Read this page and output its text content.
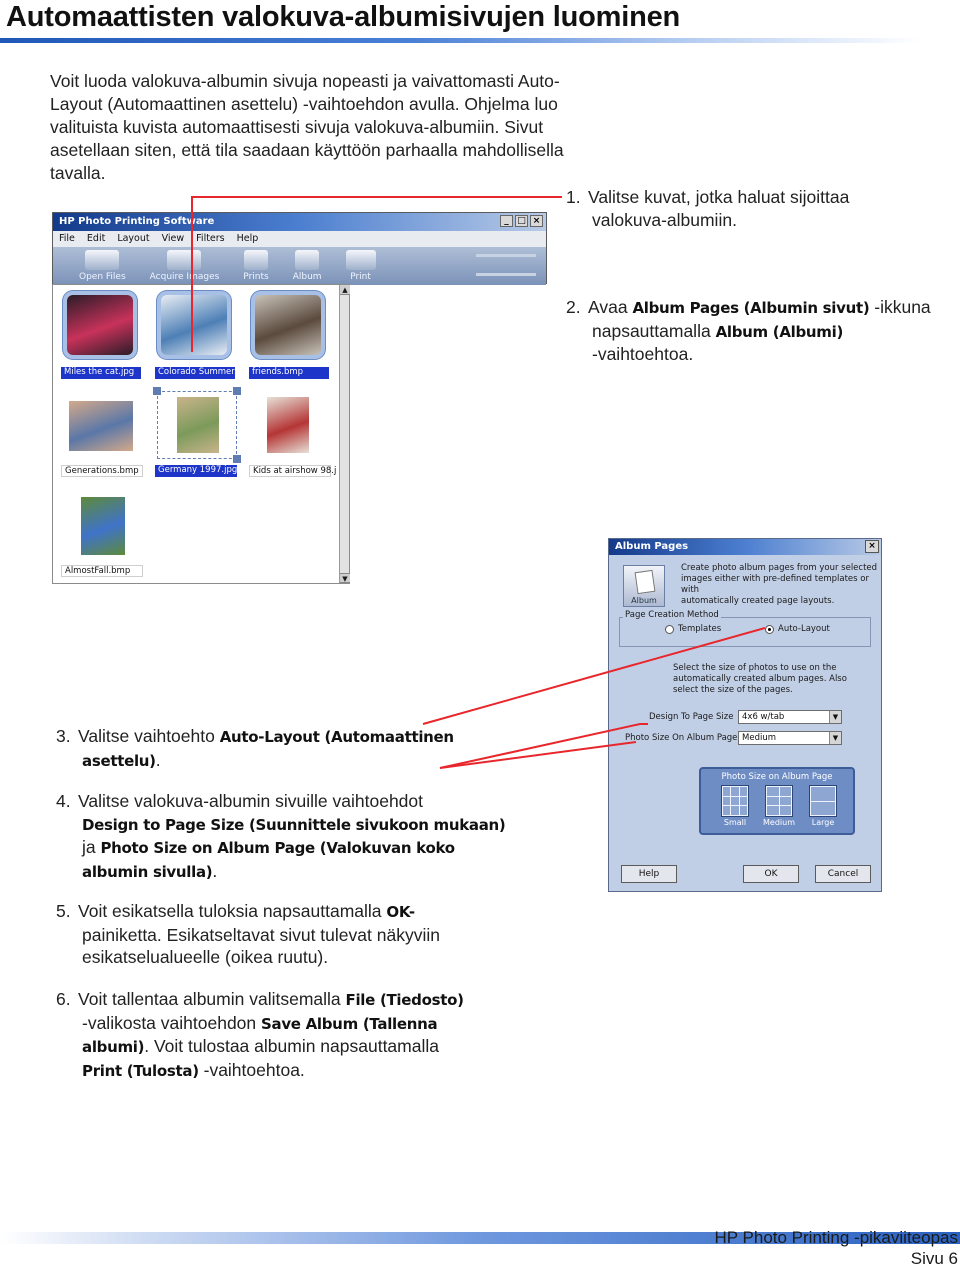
Automaattisten valokuva-albumisivujen luominen

Voit luoda valokuva-albumin sivuja nopeasti ja vaivattomasti Auto-Layout (Automaattinen asettelu) -vaihtoehdon avulla. Ohjelma luo valituista kuvista automaattisesti sivuja valokuva-albumiin. Sivut asetellaan siten, että tila saadaan käyttöön parhaalla mahdollisella tavalla.

1. Valitse kuvat, jotka haluat sijoittaa
valokuva-albumiin.

2. Avaa Album Pages (Albumin sivut) -ikkuna
napsauttamalla Album (Albumi)
-vaihtoehtoa.

3. Valitse vaihtoehto Auto-Layout (Automaattinen
asettelu).

4. Valitse valokuva-albumin sivuille vaihtoehdot
Design to Page Size (Suunnittele sivukoon mukaan)
ja Photo Size on Album Page (Valokuvan koko
albumin sivulla).

5. Voit esikatsella tuloksia napsauttamalla OK-
painiketta. Esikatseltavat sivut tulevat näkyviin
esikatselualueelle (oikea ruutu).

6. Voit tallentaa albumin valitsemalla File (Tiedosto)
-valikosta vaihtoehdon Save Album (Tallenna
albumi). Voit tulostaa albumin napsauttamalla
Print (Tulosta) -vaihtoehtoa.

HP Photo Printing Software	_ □ ×
File Edit Layout View Filters Help
Open Files	Acquire Images	Prints	Album	Print
▲
▼
Miles the cat.jpg	Colorado Summer.jp friends.bmp
Generations.bmp	Germany 1997.jpg	Kids at airshow 98.j
AlmostFall.bmp
Album Pages	×
Album
Create photo album pages from your selected
images either with pre-defined templates or with
automatically created page layouts.
Page Creation Method
Templates	Auto-Layout
Select the size of photos to use on the
automatically created album pages. Also
select the size of the pages.
Design To Page Size	4x6 w/tab	▼
Photo Size On Album Page Medium	▼
Photo Size on Album Page
Small	Medium	Large
Help	OK	Cancel
HP Photo Printing -pikaviiteopas
Sivu 6
